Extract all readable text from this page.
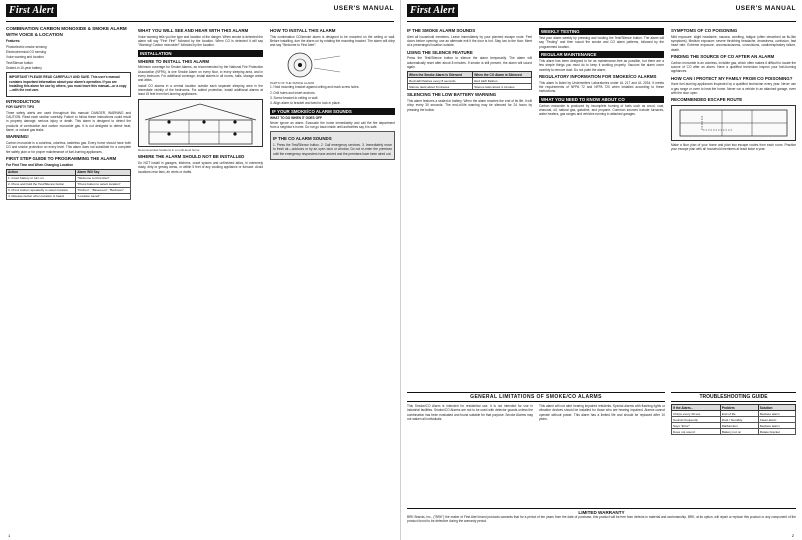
First Alert	USER'S MANUAL
COMBINATION CARBON MONOXIDE & SMOKE ALARM WITH VOICE & LOCATION
Features:
Photoelectric smoke sensing
Electrochemical CO sensing
Voice warning and location
Test/Silence button
Sealed-in 10-year battery
IMPORTANT! PLEASE READ CAREFULLY AND SAVE. This user's manual contains important information about your alarm's operation. If you are installing this alarm for use by others, you must leave this manual—or a copy—with the end user.
INTRODUCTION
FOR SAFETY TIPS
Three safety alerts are used throughout this manual: DANGER, WARNING and CAUTION. Read each section carefully. Failure to follow these instructions could result in property damage, serious injury or death. This alarm is designed to detect the products of combustion and carbon monoxide gas. It is not designed to detect heat, flame, or natural gas leaks.
WARNING!
Carbon monoxide is a colorless, odorless, tasteless gas. Every home should have both CO and smoke protection on every level. This alarm does not substitute for a complete fire safety plan or for proper maintenance of fuel-burning appliances.
FIRST STEP GUIDE TO PROGRAMMING THE ALARM
For First Time and When Changing Location
Action	Alarm Will Say
1. Insert battery or turn on	"Welcome to First Alert"
2. Press and hold the Test/Silence button	"Press button to select location"
3. Press button repeatedly to select location	"Kitchen", "Basement", "Bedroom"
4. Release button when location is heard	"Location saved"
WHAT YOU WILL SEE AND HEAR WITH THIS ALARM
Voice warning tells you the type and location of the danger. When smoke is detected the alarm will say "Fire! Fire!" followed by the location. When CO is detected it will say "Warning! Carbon monoxide!" followed by the location.
INSTALLATION
WHERE TO INSTALL THIS ALARM
Minimum coverage for Smoke Alarms, as recommended by the National Fire Protection Association (NFPA), is one Smoke Alarm on every floor, in every sleeping area, and in every bedroom. For additional coverage, install alarms in all rooms, halls, storage areas and attics.
Install CO alarms in a central location outside each separate sleeping area in the immediate vicinity of the bedrooms. For added protection, install additional alarms at least 15 feet from fuel-burning appliances.
Recommended locations in a multi-level home
WHERE THE ALARM SHOULD NOT BE INSTALLED
Do NOT install in garages, kitchens, crawl spaces and unfinished attics, in extremely dusty, dirty or greasy areas, or within 5 feet of any cooking appliance or furnace. Avoid locations near fans, air vents or drafts.
HOW TO INSTALL THIS ALARM
This combination CO/smoke alarm is designed to be mounted on the ceiling or wall. Before installing, turn the alarm on by rotating the mounting bracket. The alarm will chirp and say "Welcome to First Alert".
PARTS OF THE SMOKE ALARM
1. Hold mounting bracket against ceiling and mark screw holes.
2. Drill holes and insert anchors.
3. Screw bracket to ceiling or wall.
4. Align alarm to bracket and twist to lock in place.
IF YOUR SMOKE/CO ALARM SOUNDS
WHAT TO DO WHEN IT GOES OFF
Never ignore an alarm. Evacuate the home immediately and call the fire department from a neighbor's home. Do not go back inside until authorities say it is safe.
IF THE CO ALARM SOUNDS
1. Press the Test/Silence button. 2. Call emergency services. 3. Immediately move to fresh air—outdoors or by an open door or window. Do not re-enter the premises until the emergency responders have arrived and the premises have been aired out.
1
First Alert	USER'S MANUAL
IF THE SMOKE ALARM SOUNDS
Alert all household members. Leave immediately by your planned escape route. Feel doors before opening; use an alternate exit if the door is hot. Stay low to the floor. Meet at a prearranged location outside.
USING THE SILENCE FEATURE
Press the Test/Silence button to silence the alarm temporarily. The alarm will automatically reset after about 8 minutes. If smoke is still present, the alarm will sound again.
When the Smoke Alarm is Silenced	When the CO Alarm is Silenced
Red LED flashes every 8 seconds	Red LED flashes
Silence lasts about 8 minutes	Silence lasts about 4 minutes
SILENCING THE LOW BATTERY WARNING
This alarm features a sealed-in battery. When the alarm reaches the end of its life, it will chirp every 30 seconds. The end-of-life warning may be silenced for 24 hours by pressing the button.
WEEKLY TESTING
Test your alarm weekly by pressing and holding the Test/Silence button. The alarm will say "Testing" and then sound the smoke and CO alarm patterns, followed by the programmed location.
REGULAR MAINTENANCE
This alarm has been designed to be as maintenance-free as possible, but there are a few simple things you must do to keep it working properly. Vacuum the alarm cover monthly to remove dust. Do not paint the alarm.
REGULATORY INFORMATION FOR SMOKE/CO ALARMS
This alarm is listed by Underwriters Laboratories under UL 217 and UL 2034. It meets the requirements of NFPA 72 and NFPA 720 when installed according to these instructions.
WHAT YOU NEED TO KNOW ABOUT CO
Carbon monoxide is produced by incomplete burning of fuels such as wood, coal, charcoal, oil, natural gas, gasoline, and propane. Common sources include furnaces, water heaters, gas ranges and vehicles running in attached garages.
SYMPTOMS OF CO POISONING
Mild exposure: slight headache, nausea, vomiting, fatigue (often described as flu-like symptoms). Medium exposure: severe throbbing headache, drowsiness, confusion, fast heart rate. Extreme exposure: unconsciousness, convulsions, cardiorespiratory failure, death.
FINDING THE SOURCE OF CO AFTER AN ALARM
Carbon monoxide is an odorless, invisible gas, which often makes it difficult to locate the source of CO after an alarm. Have a qualified technician inspect your fuel-burning appliances.
HOW CAN I PROTECT MY FAMILY FROM CO POISONING?
Have fuel-burning appliances inspected by a qualified technician every year. Never use a gas range or oven to heat the home. Never run a vehicle in an attached garage, even with the door open.
RECOMMENDED ESCAPE ROUTE
Make a floor plan of your home and plan two escape routes from each room. Practice your escape plan with all household members at least twice a year.
GENERAL LIMITATIONS OF SMOKE/CO ALARMS
This Smoke/CO Alarm is intended for residential use. It is not intended for use in industrial facilities. Smoke/CO Alarms are not to be used with detector guards unless the combination has been evaluated and found suitable for that purpose. Smoke Alarms may not waken all individuals.
This alarm will not alert hearing impaired residents. Special alarms with flashing lights or vibration devices should be installed for those who are hearing impaired. Alarms cannot operate without power. This alarm has a limited life and should be replaced after 10 years.
TROUBLESHOOTING GUIDE
If the Alarm...	Problem	Solution
Chirps every 30 sec	End of life	Replace alarm
Sounds frequently	Dust / humidity	Clean alarm
Says "Error"	Malfunction	Replace alarm
Does not sound	Battery not on	Rotate bracket
LIMITED WARRANTY
BRK Brands, Inc., ("BRK") the maker of First Alert brand products warrants that for a period of ten years from the date of purchase, this product will be free from defects in material and workmanship. BRK, at its option, will repair or replace this product or any component of the product found to be defective during the warranty period.
2
